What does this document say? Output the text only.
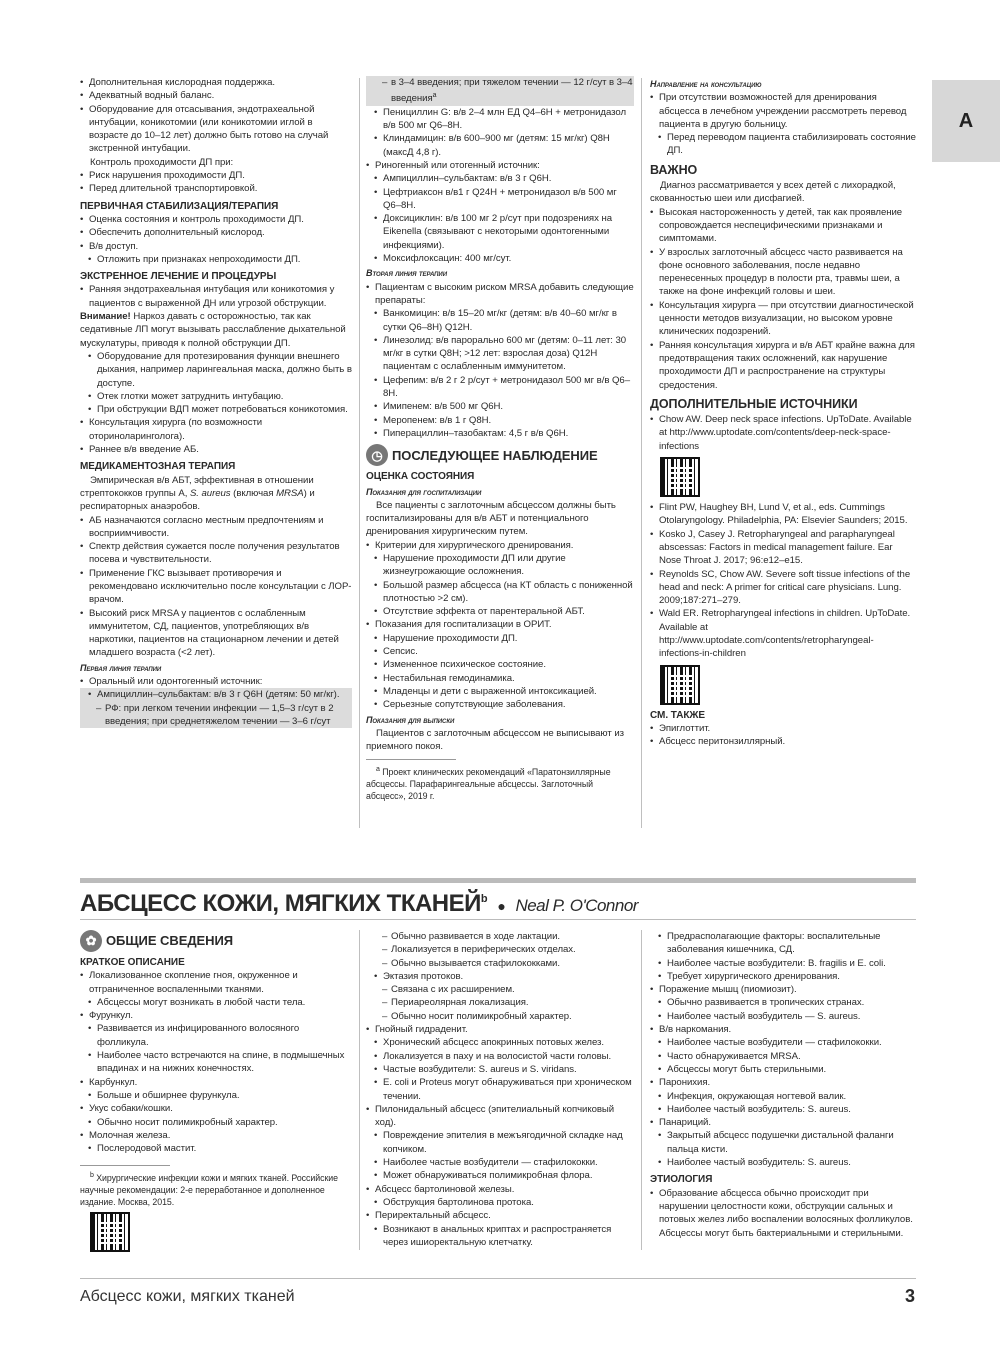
А

• Дополнительная кислородная поддержка.

• Адекватный водный баланс.

• Оборудование для отсасывания, эндотрахеальной интубации, коникотомии (или коникотомии иглой в возрасте до 10–12 лет) должно быть готово на случай экстренной интубации.

Контроль проходимости ДП при:

• Риск нарушения проходимости ДП.

• Перед длительной транспортировкой.

ПЕРВИЧНАЯ СТАБИЛИЗАЦИЯ/ТЕРАПИЯ

• Оценка состояния и контроль проходимости ДП.

• Обеспечить дополнительный кислород.

• В/в доступ.

• Отложить при признаках непроходимости ДП.

ЭКСТРЕННОЕ ЛЕЧЕНИЕ И ПРОЦЕДУРЫ

• Ранняя эндотрахеальная интубация или коникотомия у пациентов с выраженной ДН или угрозой обструкции.

Внимание! Наркоз давать с осторожностью, так как седативные ЛП могут вызывать расслабление дыхательной мускулатуры, приводя к полной обструкции ДП.

• Оборудование для протезирования функции внешнего дыхания, например ларингеальная маска, должно быть в доступе.

• Отек глотки может затруднить интубацию.

• При обструкции ВДП может потребоваться коникотомия.

• Консультация хирурга (по возможности оториноларинголога).

• Раннее в/в введение АБ.

МЕДИКАМЕНТОЗНАЯ ТЕРАПИЯ

Эмпирическая в/в АБТ, эффективная в отношении стрептококков группы А, S. aureus (включая MRSA) и респираторных анаэробов.

• АБ назначаются согласно местным предпочтениям и восприимчивости.

• Спектр действия сужается после получения результатов посева и чувствительности.

• Применение ГКС вызывает противоречия и рекомендовано исключительно после консультации с ЛОР-врачом.

• Высокий риск MRSA у пациентов с ослабленным иммунитетом, СД, пациентов, употребляющих в/в наркотики, пациентов на стационарном лечении и детей младшего возраста (<2 лет).

Первая линия терапии

• Оральный или одонтогенный источник:

• Ампициллин–сульбактам: в/в 3 г Q6H (детям: 50 мг/кг).

– РФ: при легком течении инфекции — 1,5–3 г/сут в 2 введения; при среднетяжелом течении — 3–6 г/сут

– в 3–4 введения; при тяжелом течении — 12 г/сут в 3–4 введения$^а$

• Пенициллин G: в/в 2–4 млн ЕД Q4–6H + метронидазол в/в 500 мг Q6–8H.

• Клиндамицин: в/в 600–900 мг (детям: 15 мг/кг) Q8H (максД 4,8 г).

• Риногенный или отогенный источник:

• Ампициллин–сульбактам: в/в 3 г Q6H.

• Цефтриаксон в/в1 г Q24H + метронидазол в/в 500 мг Q6–8H.

• Доксициклин: в/в 100 мг 2 р/сут при подозрениях на Eikenella (связывают с некоторыми одонтогенными инфекциями).

• Моксифлоксацин: 400 мг/сут.

Вторая линия терапии

• Пациентам с высоким риском MRSA добавить следующие препараты:

• Ванкомицин: в/в 15–20 мг/кг (детям: в/в 40–60 мг/кг в сутки Q6–8H) Q12H.

• Линезолид: в/в парорально 600 мг (детям: 0–11 лет: 30 мг/кг в сутки Q8H; >12 лет: взрослая доза) Q12H пациентам с ослабленным иммунитетом.

• Цефепим: в/в 2 г 2 р/сут + метронидазол 500 мг в/в Q6–8H.

• Имипенем: в/в 500 мг Q6H.

• Меропенем: в/в 1 г Q8H.

• Пиперациллин–тазобактам: 4,5 г в/в Q6H.

◷ ПОСЛЕДУЮЩЕЕ НАБЛЮДЕНИЕ

ОЦЕНКА СОСТОЯНИЯ

Показания для госпитализации

Все пациенты с заглоточным абсцессом должны быть госпитализированы для в/в АБТ и потенциального дренирования хирургическим путем.

• Критерии для хирургического дренирования.

• Нарушение проходимости ДП или другие жизнеугрожающие осложнения.

• Большой размер абсцесса (на КТ область с пониженной плотностью >2 см).

• Отсутствие эффекта от парентеральной АБТ.

• Показания для госпитализации в ОРИТ.

• Нарушение проходимости ДП.

• Сепсис.

• Измененное психическое состояние.

• Нестабильная гемодинамика.

• Младенцы и дети с выраженной интоксикацией.

• Серьезные сопутствующие заболевания.

Показания для выписки

Пациентов с заглоточным абсцессом не выписывают из приемного покоя.

$^а$ Проект клинических рекомендаций «Паратонзиллярные абсцессы. Парафарингеальные абсцессы. Заглоточный абсцесс», 2019 г.

Направление на консультацию

• При отсутствии возможностей для дренирования абсцесса в лечебном учреждении рассмотреть перевод пациента в другую больницу.

• Перед переводом пациента стабилизировать состояние ДП.

ВАЖНО

Диагноз рассматривается у всех детей с лихорадкой, скованностью шеи или дисфагией.

• Высокая настороженность у детей, так как проявление сопровождается неспецифическими признаками и симптомами.

• У взрослых заглоточный абсцесс часто развивается на фоне основного заболевания, после недавно перенесенных процедур в полости рта, травмы шеи, а также на фоне инфекций головы и шеи.

• Консультация хирурга — при отсутствии диагностической ценности методов визуализации, но высоком уровне клинических подозрений.

• Ранняя консультация хирурга и в/в АБТ крайне важна для предотвращения таких осложнений, как нарушение проходимости ДП и распространение на структуры средостения.

ДОПОЛНИТЕЛЬНЫЕ ИСТОЧНИКИ

• Chow AW. Deep neck space infections. UpToDate. Available at http://www.uptodate.com/contents/deep-neck-space-infections

• Flint PW, Haughey BH, Lund V, et al., eds. Cummings Otolaryngology. Philadelphia, PA: Elsevier Saunders; 2015.

• Kosko J, Casey J. Retropharyngeal and parapharyngeal abscessas: Factors in medical management failure. Ear Nose Throat J. 2017; 96:e12–e15.

• Reynolds SC, Chow AW. Severe soft tissue infections of the head and neck: A primer for critical care physicians. Lung. 2009;187:271–279.

• Wald ER. Retropharyngeal infections in children. UpToDate. Available at http://www.uptodate.com/contents/retropharyngeal-infections-in-children

СМ. ТАКЖЕ

• Эпиглоттит.

• Абсцесс перитонзиллярный.

АБСЦЕСС КОЖИ, МЯГКИХ ТКАНЕЙ$^b$ ● Neal P. O'Connor

✿ ОБЩИЕ СВЕДЕНИЯ

КРАТКОЕ ОПИСАНИЕ

• Локализованное скопление гноя, окруженное и отграниченное воспаленными тканями.

• Абсцессы могут возникать в любой части тела.

• Фурункул.

• Развивается из инфицированного волосяного фолликула.

• Наиболее часто встречаются на спине, в подмышечных впадинах и на нижних конечностях.

• Карбункул.

• Больше и обширнее фурункула.

• Укус собаки/кошки.

• Обычно носит полимикробный характер.

• Молочная железа.

• Послеродовой мастит.

$^b$ Хирургические инфекции кожи и мягких тканей. Российские научные рекомендации: 2-е переработанное и дополненное издание. Москва, 2015.

– Обычно развивается в ходе лактации.

– Локализуется в периферических отделах.

– Обычно вызывается стафилококками.

• Эктазия протоков.

– Связана с их расширением.

– Периареолярная локализация.

– Обычно носит полимикробный характер.

• Гнойный гидраденит.

• Хронический абсцесс апокринных потовых желез.

• Локализуется в паху и на волосистой части головы.

• Частые возбудители: S. aureus и S. viridans.

• E. coli и Proteus могут обнаруживаться при хроническом течении.

• Пилонидальный абсцесс (эпителиальный копчиковый ход).

• Повреждение эпителия в межъягодичной складке над копчиком.

• Наиболее частые возбудители — стафилококки.

• Может обнаруживаться полимикробная флора.

• Абсцесс бартолиновой железы.

• Обструкция бартолинова протока.

• Периректальный абсцесс.

• Возникают в анальных криптах и распространяется через ишиоректальную клетчатку.

• Предрасполагающие факторы: воспалительные заболевания кишечника, СД.

• Наиболее частые возбудители: B. fragilis и E. coli.

• Требует хирургического дренирования.

• Поражение мышц (пиомиозит).

• Обычно развивается в тропических странах.

• Наиболее частый возбудитель — S. aureus.

• В/в наркомания.

• Наиболее частые возбудители — стафилококки.

• Часто обнаруживается MRSA.

• Абсцессы могут быть стерильными.

• Паронихия.

• Инфекция, окружающая ногтевой валик.

• Наиболее частый возбудитель: S. aureus.

• Панариций.

• Закрытый абсцесс подушечки дистальной фаланги пальца кисти.

• Наиболее частый возбудитель: S. aureus.

ЭТИОЛОГИЯ

• Образование абсцесса обычно происходит при нарушении целостности кожи, обструкции сальных и потовых желез либо воспалении волосяных фолликулов. Абсцессы могут быть бактериальными и стерильными.

Абсцесс кожи, мягких тканей	3
